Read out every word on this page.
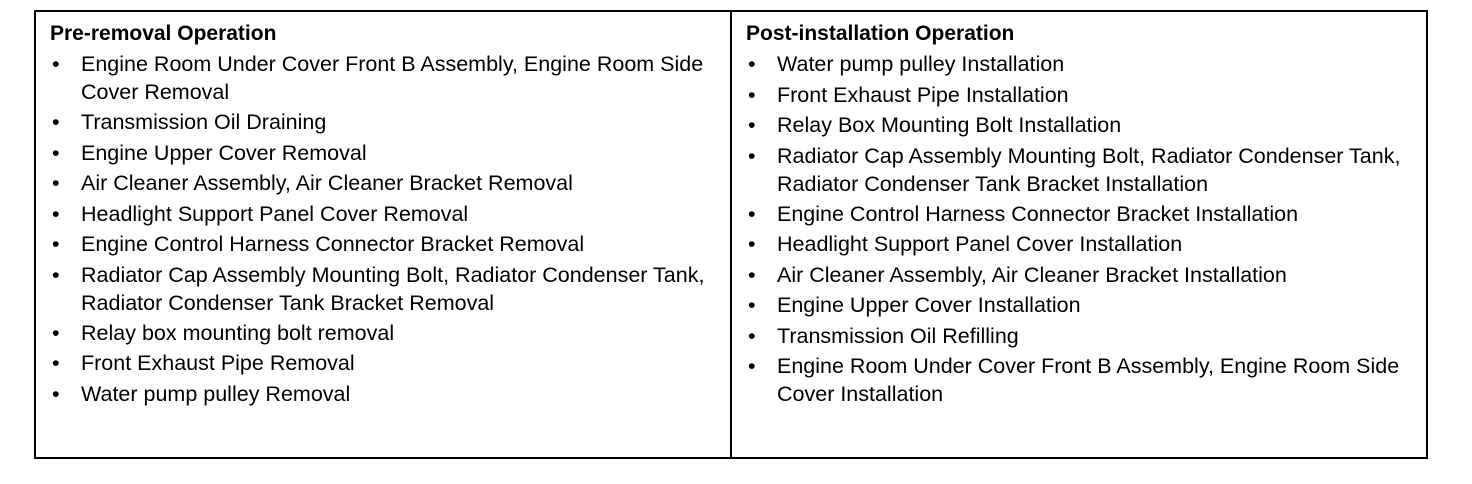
Pre-removal Operation
• Engine Room Under Cover Front B Assembly, Engine Room Side Cover Removal
• Transmission Oil Draining
• Engine Upper Cover Removal
• Air Cleaner Assembly, Air Cleaner Bracket Removal
• Headlight Support Panel Cover Removal
• Engine Control Harness Connector Bracket Removal
• Radiator Cap Assembly Mounting Bolt, Radiator Condenser Tank, Radiator Condenser Tank Bracket Removal
• Relay box mounting bolt removal
• Front Exhaust Pipe Removal
• Water pump pulley Removal
Post-installation Operation
• Water pump pulley Installation
• Front Exhaust Pipe Installation
• Relay Box Mounting Bolt Installation
• Radiator Cap Assembly Mounting Bolt, Radiator Condenser Tank, Radiator Condenser Tank Bracket Installation
• Engine Control Harness Connector Bracket Installation
• Headlight Support Panel Cover Installation
• Air Cleaner Assembly, Air Cleaner Bracket Installation
• Engine Upper Cover Installation
• Transmission Oil Refilling
• Engine Room Under Cover Front B Assembly, Engine Room Side Cover Installation
